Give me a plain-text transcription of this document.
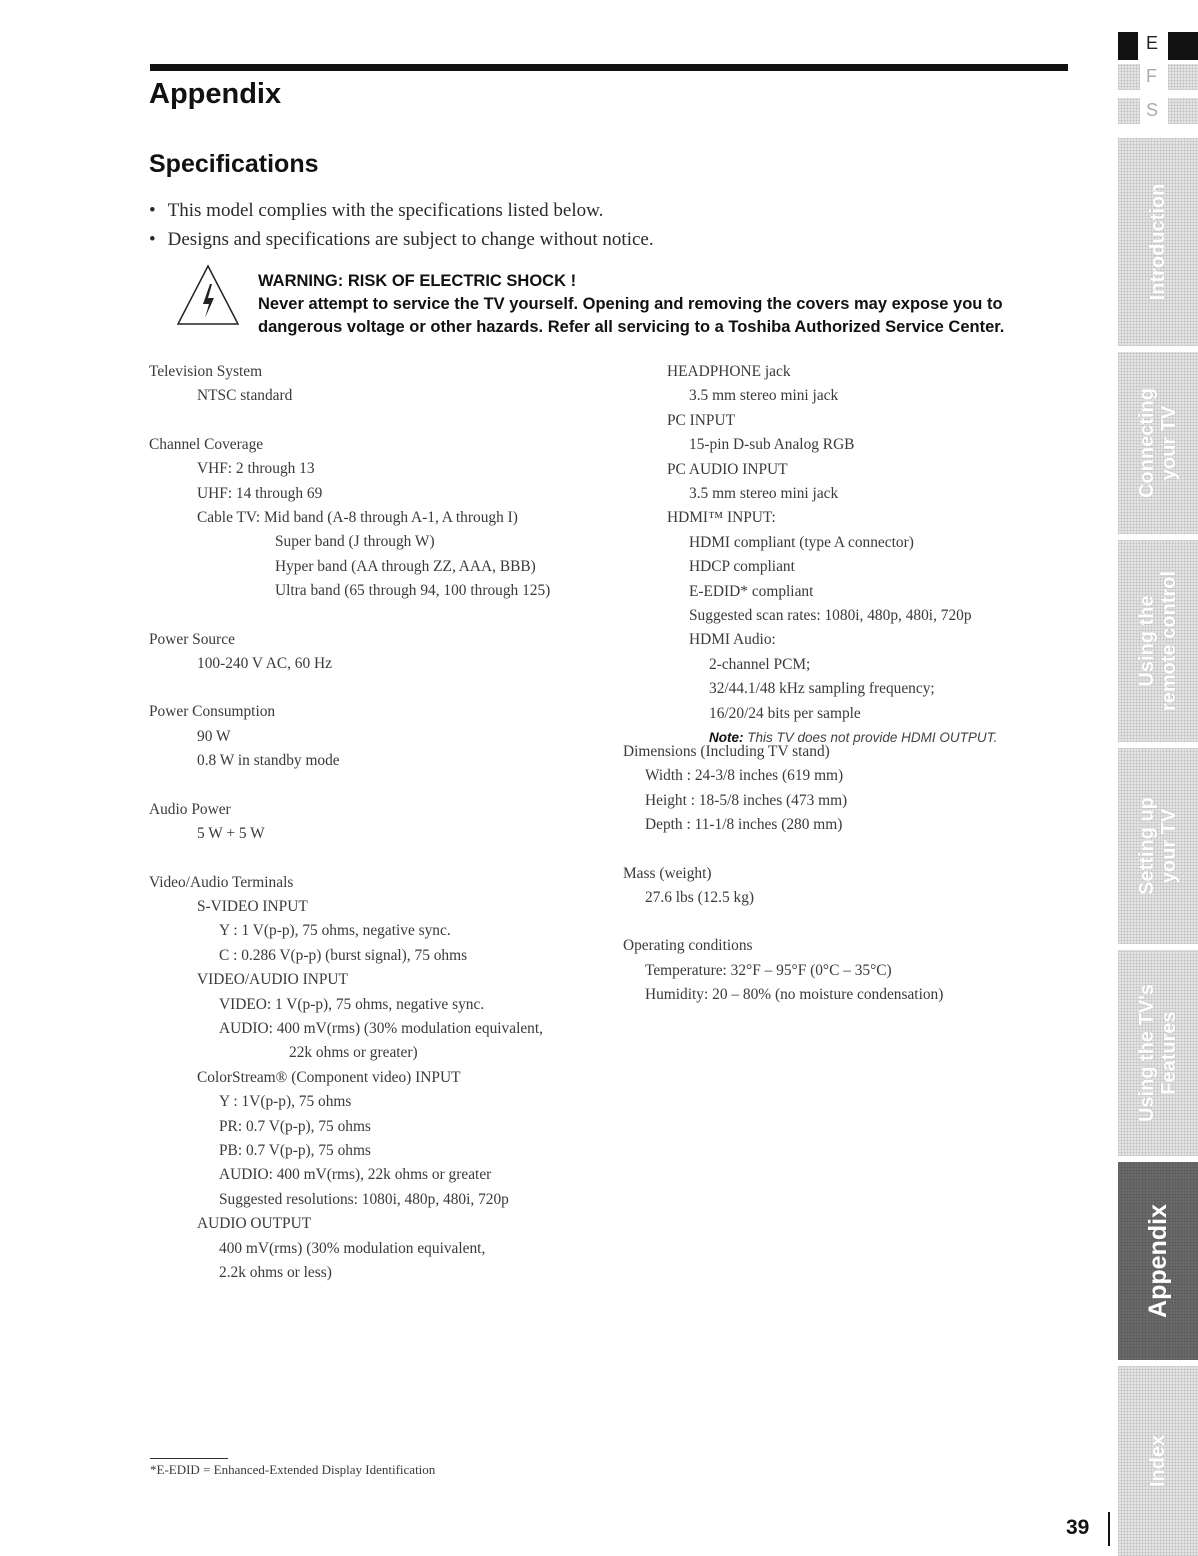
Appendix
Specifications
• This model complies with the specifications listed below.
• Designs and specifications are subject to change without notice.
WARNING: RISK OF ELECTRIC SHOCK !
Never attempt to service the TV yourself. Opening and removing the covers may expose you to
dangerous voltage or other hazards. Refer all servicing to a Toshiba Authorized Service Center.
Television System
NTSC standard
Channel Coverage
VHF: 2 through 13
UHF: 14 through 69
Cable TV: Mid band (A-8 through A-1, A through I)
Super band (J through W)
Hyper band (AA through ZZ, AAA, BBB)
Ultra band (65 through 94, 100 through 125)
Power Source
100-240 V AC, 60 Hz
Power Consumption
90 W
0.8 W in standby mode
Audio Power
5 W + 5 W
Video/Audio Terminals
S-VIDEO INPUT
Y : 1 V(p-p), 75 ohms, negative sync.
C : 0.286 V(p-p) (burst signal), 75 ohms
VIDEO/AUDIO INPUT
VIDEO: 1 V(p-p), 75 ohms, negative sync.
AUDIO: 400 mV(rms) (30% modulation equivalent,
22k ohms or greater)
ColorStream® (Component video) INPUT
Y : 1V(p-p), 75 ohms
PR: 0.7 V(p-p), 75 ohms
PB: 0.7 V(p-p), 75 ohms
AUDIO: 400 mV(rms), 22k ohms or greater
Suggested resolutions: 1080i, 480p, 480i, 720p
AUDIO OUTPUT
400 mV(rms) (30% modulation equivalent,
2.2k ohms or less)
HEADPHONE jack
3.5 mm stereo mini jack
PC INPUT
15-pin D-sub Analog RGB
PC AUDIO INPUT
3.5 mm stereo mini jack
HDMI™ INPUT:
HDMI compliant (type A connector)
HDCP compliant
E-EDID* compliant
Suggested scan rates: 1080i, 480p, 480i, 720p
HDMI Audio:
2-channel PCM;
32/44.1/48 kHz sampling frequency;
16/20/24 bits per sample
Note: This TV does not provide HDMI OUTPUT.
Dimensions (Including TV stand)
Width : 24-3/8 inches (619 mm)
Height : 18-5/8 inches (473 mm)
Depth : 11-1/8 inches (280 mm)
Mass (weight)
27.6 lbs (12.5 kg)
Operating conditions
Temperature: 32°F – 95°F (0°C – 35°C)
Humidity: 20 – 80% (no moisture condensation)
*E-EDID = Enhanced-Extended Display Identification
39
E
F
S
Introduction
Connecting
your TV
Using the
remote control
Setting up
your TV
Using the TV's
Features
Appendix
Index
